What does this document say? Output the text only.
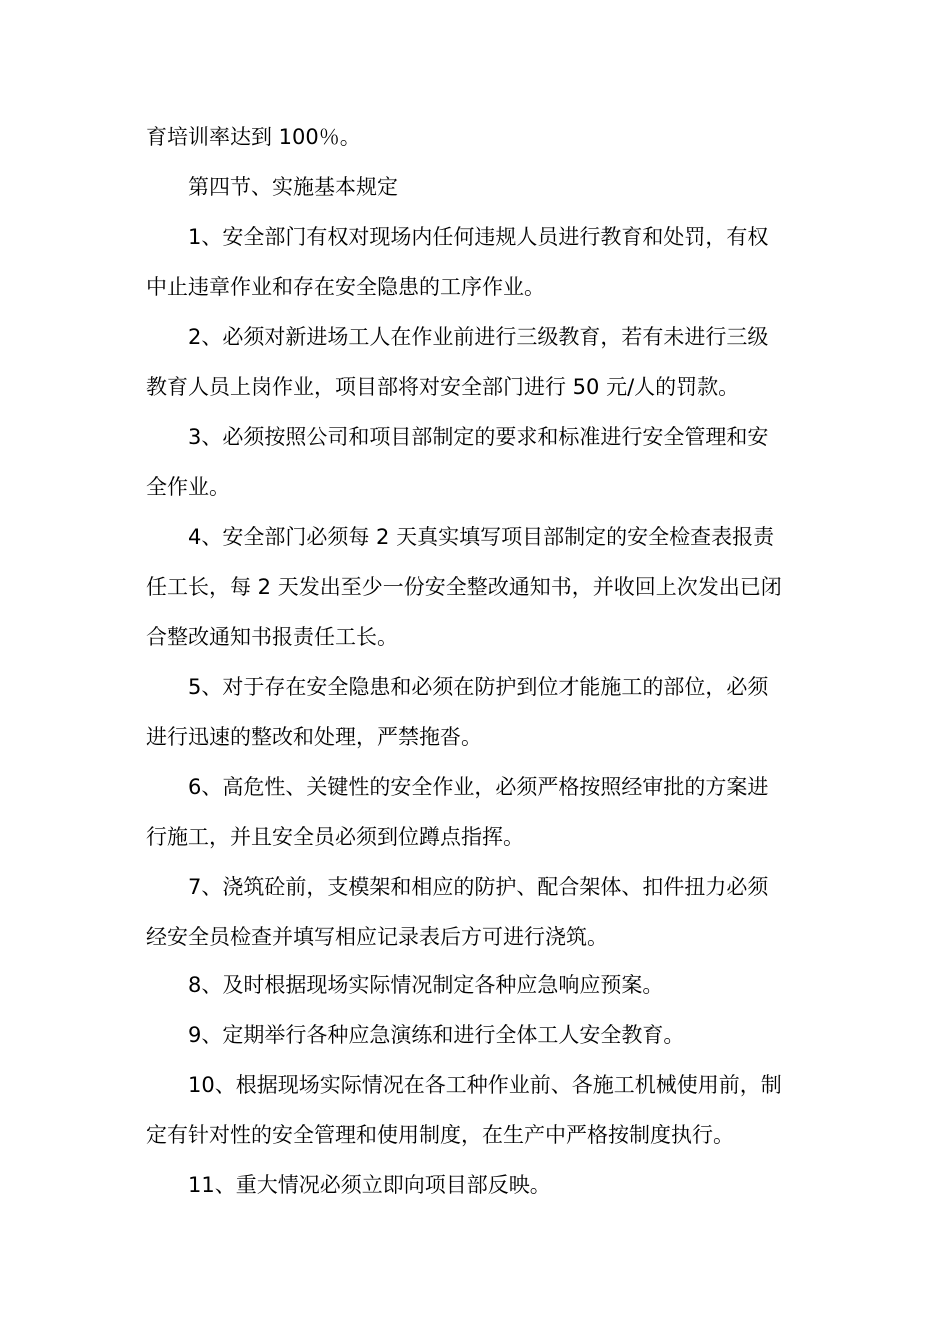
育培训率达到 100％。

第四节、实施基本规定

1、安全部门有权对现场内任何违规人员进行教育和处罚，有权

中止违章作业和存在安全隐患的工序作业。

2、必须对新进场工人在作业前进行三级教育，若有未进行三级

教育人员上岗作业，项目部将对安全部门进行 50 元/人的罚款。

3、必须按照公司和项目部制定的要求和标准进行安全管理和安

全作业。

4、安全部门必须每 2 天真实填写项目部制定的安全检查表报责

任工长，每 2 天发出至少一份安全整改通知书，并收回上次发出已闭

合整改通知书报责任工长。

5、对于存在安全隐患和必须在防护到位才能施工的部位，必须

进行迅速的整改和处理，严禁拖沓。

6、高危性、关键性的安全作业，必须严格按照经审批的方案进

行施工，并且安全员必须到位蹲点指挥。

7、浇筑砼前，支模架和相应的防护、配合架体、扣件扭力必须

经安全员检查并填写相应记录表后方可进行浇筑。

8、及时根据现场实际情况制定各种应急响应预案。

9、定期举行各种应急演练和进行全体工人安全教育。

10、根据现场实际情况在各工种作业前、各施工机械使用前，制

定有针对性的安全管理和使用制度，在生产中严格按制度执行。

11、重大情况必须立即向项目部反映。
